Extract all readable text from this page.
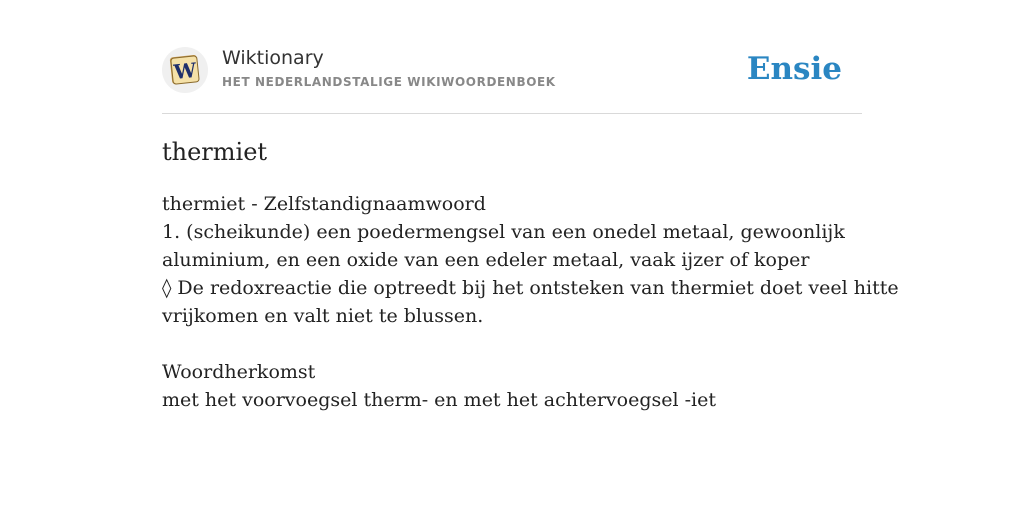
W Wiktionary
HET NEDERLANDSTALIGE WIKIWOORDENBOEK	Ensie
thermiet
thermiet - Zelfstandignaamwoord
1. (scheikunde) een poedermengsel van een onedel metaal, gewoonlijk
aluminium, en een oxide van een edeler metaal, vaak ijzer of koper
◊ De redoxreactie die optreedt bij het ontsteken van thermiet doet veel hitte
vrijkomen en valt niet te blussen.
Woordherkomst
met het voorvoegsel therm- en met het achtervoegsel -iet
